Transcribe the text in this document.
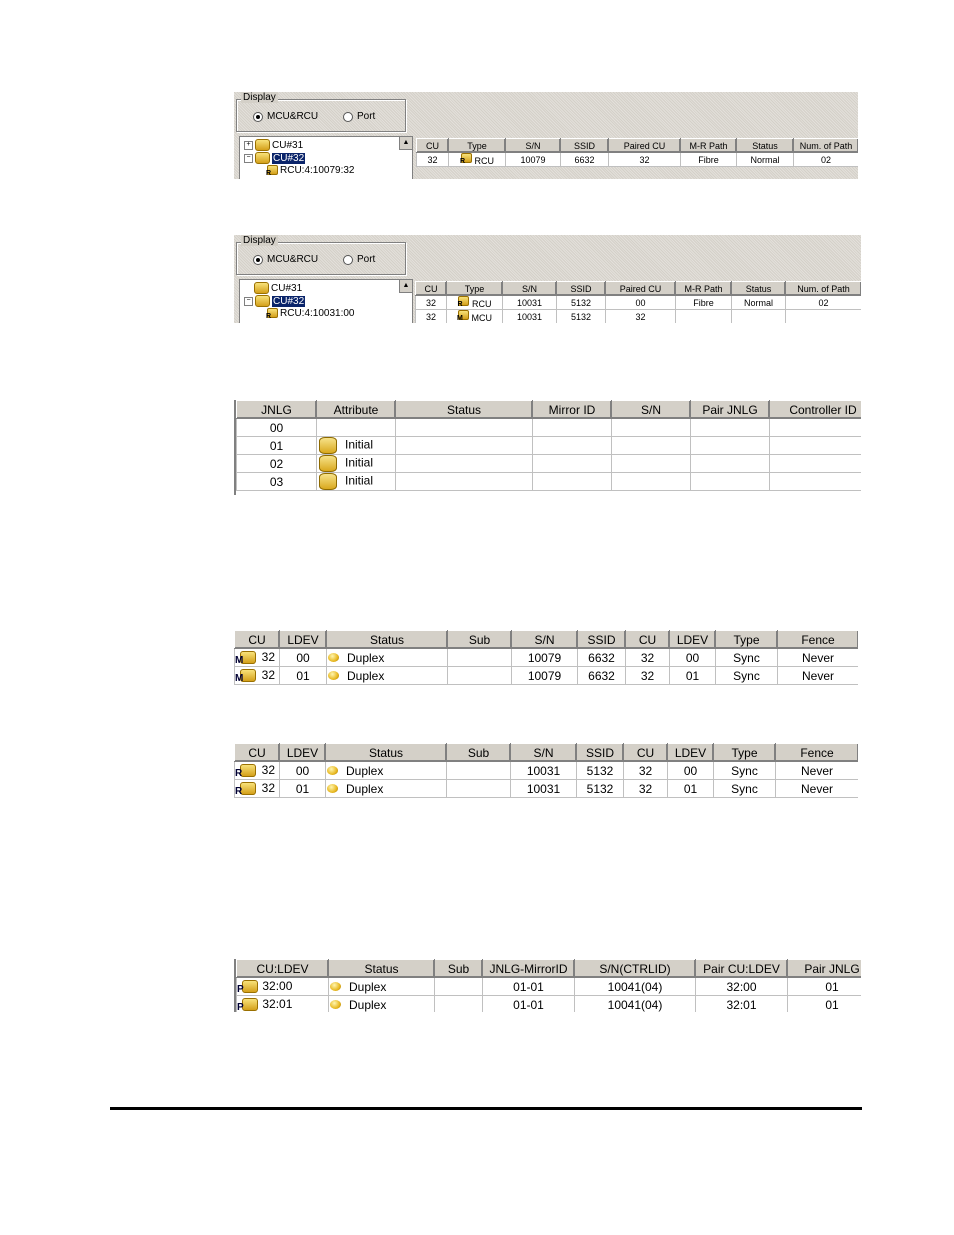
Display
MCU&RCU	Port
+ CU#31
− CU#32
R RCU:4:10079:32
▲	CU	Type	S/N	SSID	Paired CU	M-R Path	Status	Num. of Path
32	R RCU	10079	6632	32	Fibre	Normal	02
Display
MCU&RCU	Port
CU#31
− CU#32
R RCU:4:10031:00
▲	CU	Type	S/N	SSID	Paired CU	M-R Path	Status	Num. of Path
32	R RCU	10031	5132	00	Fibre	Normal	02
32	M MCU	10031	5132	32			
JNLG	Attribute	Status	Mirror ID	S/N	Pair JNLG	Controller ID
00						
01	Initial					
02	Initial					
03	Initial					
CU	LDEV	Status	Sub	S/N	SSID	CU	LDEV	Type	Fence

M 32	00	Duplex		10079	6632	32	00	Sync	Never

M 32	01	Duplex		10079	6632	32	01	Sync	Never
CU	LDEV	Status	Sub	S/N	SSID	CU	LDEV	Type	Fence

R 32	00	Duplex		10031	5132	32	00	Sync	Never

R 32	01	Duplex		10031	5132	32	01	Sync	Never
CU:LDEV	Status	Sub	JNLG-MirrorID	S/N(CTRLID)	Pair CU:LDEV	Pair JNLG

P 32:00	Duplex		01-01	10041(04)	32:00	01

P 32:01	Duplex		01-01	10041(04)	32:01	01
